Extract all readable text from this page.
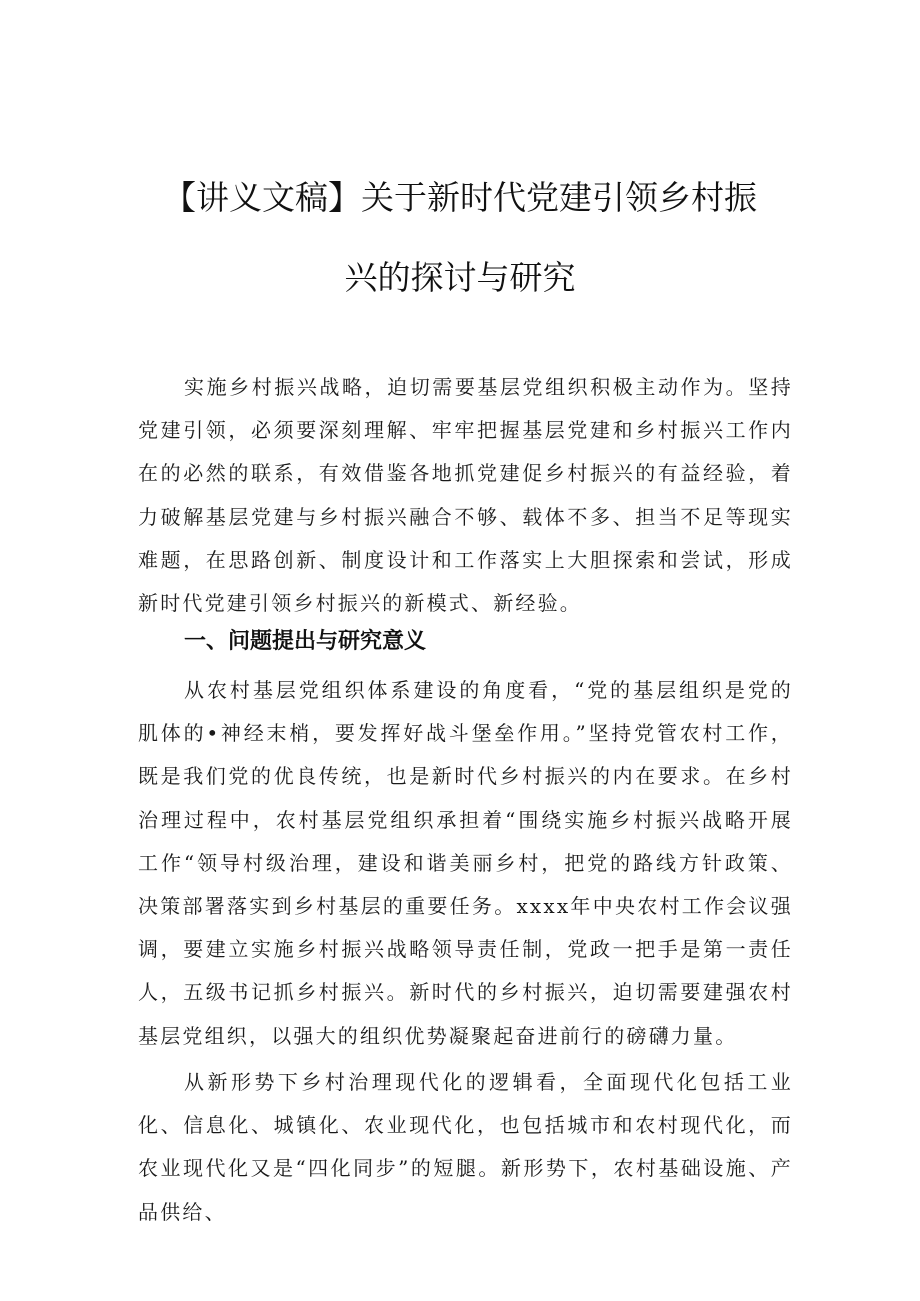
【讲义文稿】关于新时代党建引领乡村振
兴的探讨与研究

实施乡村振兴战略，迫切需要基层党组织积极主动作为。坚持党建引领，必须要深刻理解、牢牢把握基层党建和乡村振兴工作内在的必然的联系，有效借鉴各地抓党建促乡村振兴的有益经验，着力破解基层党建与乡村振兴融合不够、载体不多、担当不足等现实难题，在思路创新、制度设计和工作落实上大胆探索和尝试，形成新时代党建引领乡村振兴的新模式、新经验。

一、问题提出与研究意义

从农村基层党组织体系建设的角度看，“党的基层组织是党的肌体的•神经末梢，要发挥好战斗堡垒作用。”坚持党管农村工作，既是我们党的优良传统，也是新时代乡村振兴的内在要求。在乡村治理过程中，农村基层党组织承担着“围绕实施乡村振兴战略开展工作“领导村级治理，建设和谐美丽乡村，把党的路线方针政策、决策部署落实到乡村基层的重要任务。xxxx年中央农村工作会议强调，要建立实施乡村振兴战略领导责任制，党政一把手是第一责任人，五级书记抓乡村振兴。新时代的乡村振兴，迫切需要建强农村基层党组织，以强大的组织优势凝聚起奋进前行的磅礴力量。

从新形势下乡村治理现代化的逻辑看，全面现代化包括工业化、信息化、城镇化、农业现代化，也包括城市和农村现代化，而农业现代化又是“四化同步”的短腿。新形势下，农村基础设施、产品供给、
